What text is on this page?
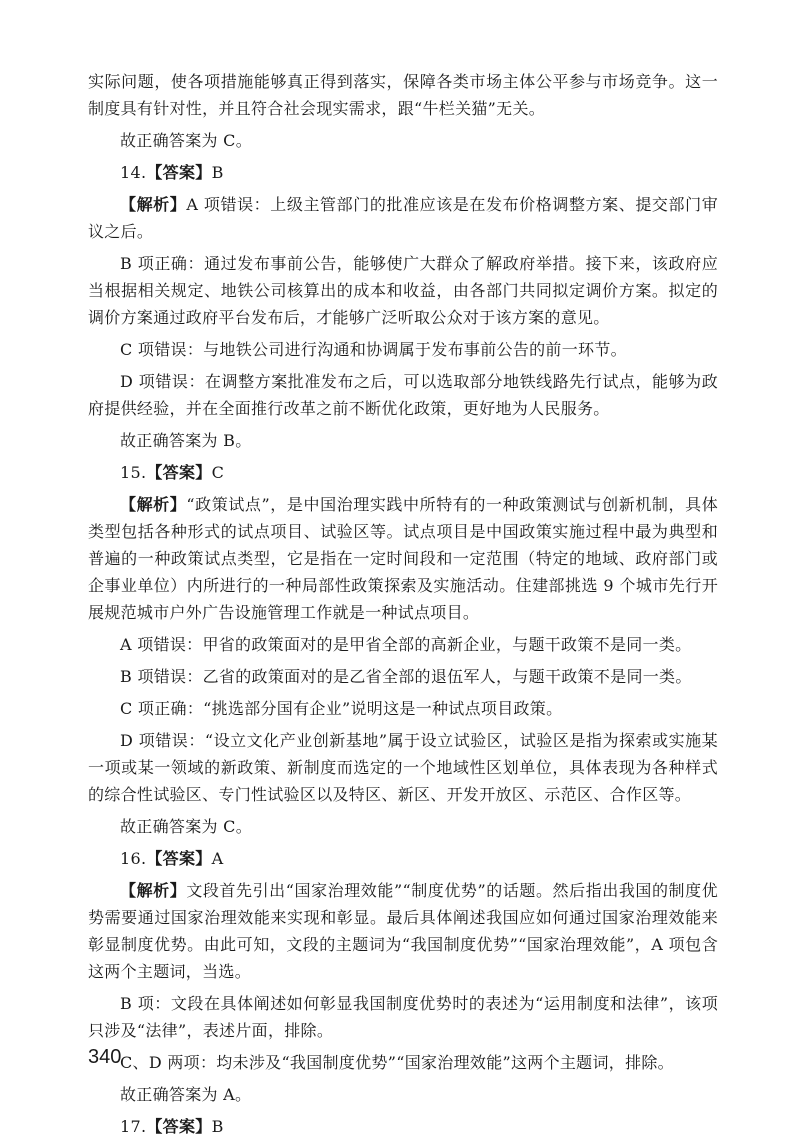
实际问题，使各项措施能够真正得到落实，保障各类市场主体公平参与市场竞争。这一制度具有针对性，并且符合社会现实需求，跟“牛栏关猫”无关。

故正确答案为 C。

14.【答案】B

【解析】A 项错误：上级主管部门的批准应该是在发布价格调整方案、提交部门审议之后。

B 项正确：通过发布事前公告，能够使广大群众了解政府举措。接下来，该政府应当根据相关规定、地铁公司核算出的成本和收益，由各部门共同拟定调价方案。拟定的调价方案通过政府平台发布后，才能够广泛听取公众对于该方案的意见。

C 项错误：与地铁公司进行沟通和协调属于发布事前公告的前一环节。

D 项错误：在调整方案批准发布之后，可以选取部分地铁线路先行试点，能够为政府提供经验，并在全面推行改革之前不断优化政策，更好地为人民服务。

故正确答案为 B。

15.【答案】C

【解析】“政策试点”，是中国治理实践中所特有的一种政策测试与创新机制，具体类型包括各种形式的试点项目、试验区等。试点项目是中国政策实施过程中最为典型和普遍的一种政策试点类型，它是指在一定时间段和一定范围（特定的地域、政府部门或企事业单位）内所进行的一种局部性政策探索及实施活动。住建部挑选 9 个城市先行开展规范城市户外广告设施管理工作就是一种试点项目。

A 项错误：甲省的政策面对的是甲省全部的高新企业，与题干政策不是同一类。

B 项错误：乙省的政策面对的是乙省全部的退伍军人，与题干政策不是同一类。

C 项正确：“挑选部分国有企业”说明这是一种试点项目政策。

D 项错误：“设立文化产业创新基地”属于设立试验区，试验区是指为探索或实施某一项或某一领域的新政策、新制度而选定的一个地域性区划单位，具体表现为各种样式的综合性试验区、专门性试验区以及特区、新区、开发开放区、示范区、合作区等。

故正确答案为 C。

16.【答案】A

【解析】文段首先引出“国家治理效能”“制度优势”的话题。然后指出我国的制度优势需要通过国家治理效能来实现和彰显。最后具体阐述我国应如何通过国家治理效能来彰显制度优势。由此可知，文段的主题词为“我国制度优势”“国家治理效能”，A 项包含这两个主题词，当选。

B 项：文段在具体阐述如何彰显我国制度优势时的表述为“运用制度和法律”，该项只涉及“法律”，表述片面，排除。

C、D 两项：均未涉及“我国制度优势”“国家治理效能”这两个主题词，排除。

故正确答案为 A。

17.【答案】B

340
